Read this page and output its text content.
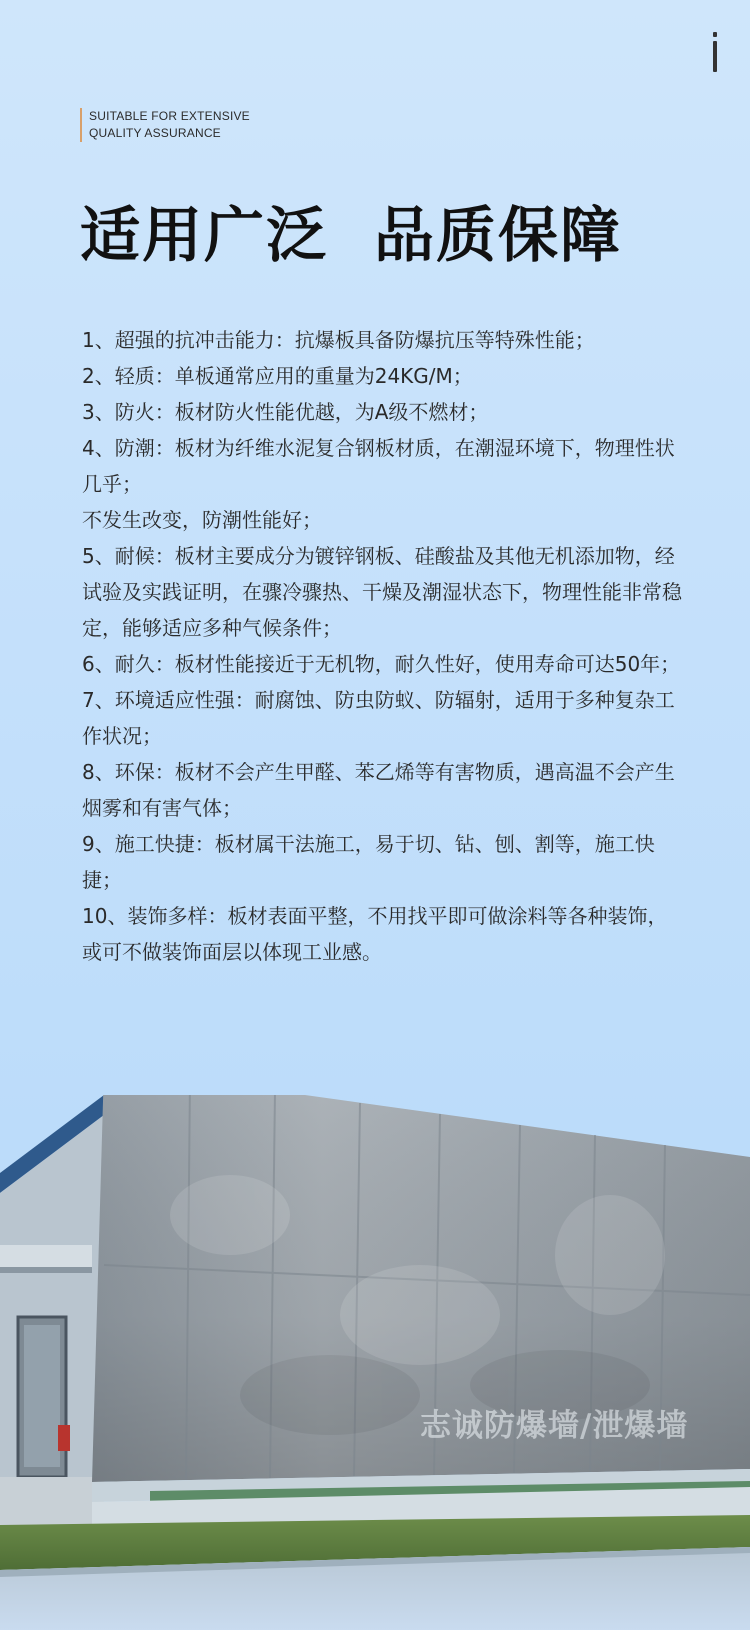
SUITABLE FOR EXTENSIVE
QUALITY ASSURANCE
适用广泛 品质保障
1、超强的抗冲击能力：抗爆板具备防爆抗压等特殊性能；
2、轻质：单板通常应用的重量为24KG/M；
3、防火：板材防火性能优越，为A级不燃材；
4、防潮：板材为纤维水泥复合钢板材质，在潮湿环境下，物理性状几乎；
不发生改变，防潮性能好；
5、耐候：板材主要成分为镀锌钢板、硅酸盐及其他无机添加物，经试验及实践证明，在骤冷骤热、干燥及潮湿状态下，物理性能非常稳定，能够适应多种气候条件；
6、耐久：板材性能接近于无机物，耐久性好，使用寿命可达50年；
7、环境适应性强：耐腐蚀、防虫防蚁、防辐射，适用于多种复杂工作状况；
8、环保：板材不会产生甲醛、苯乙烯等有害物质，遇高温不会产生烟雾和有害气体；
9、施工快捷：板材属干法施工，易于切、钻、刨、割等，施工快捷；
10、装饰多样：板材表面平整，不用找平即可做涂料等各种装饰，或可不做装饰面层以体现工业感。
志诚防爆墙/泄爆墙
